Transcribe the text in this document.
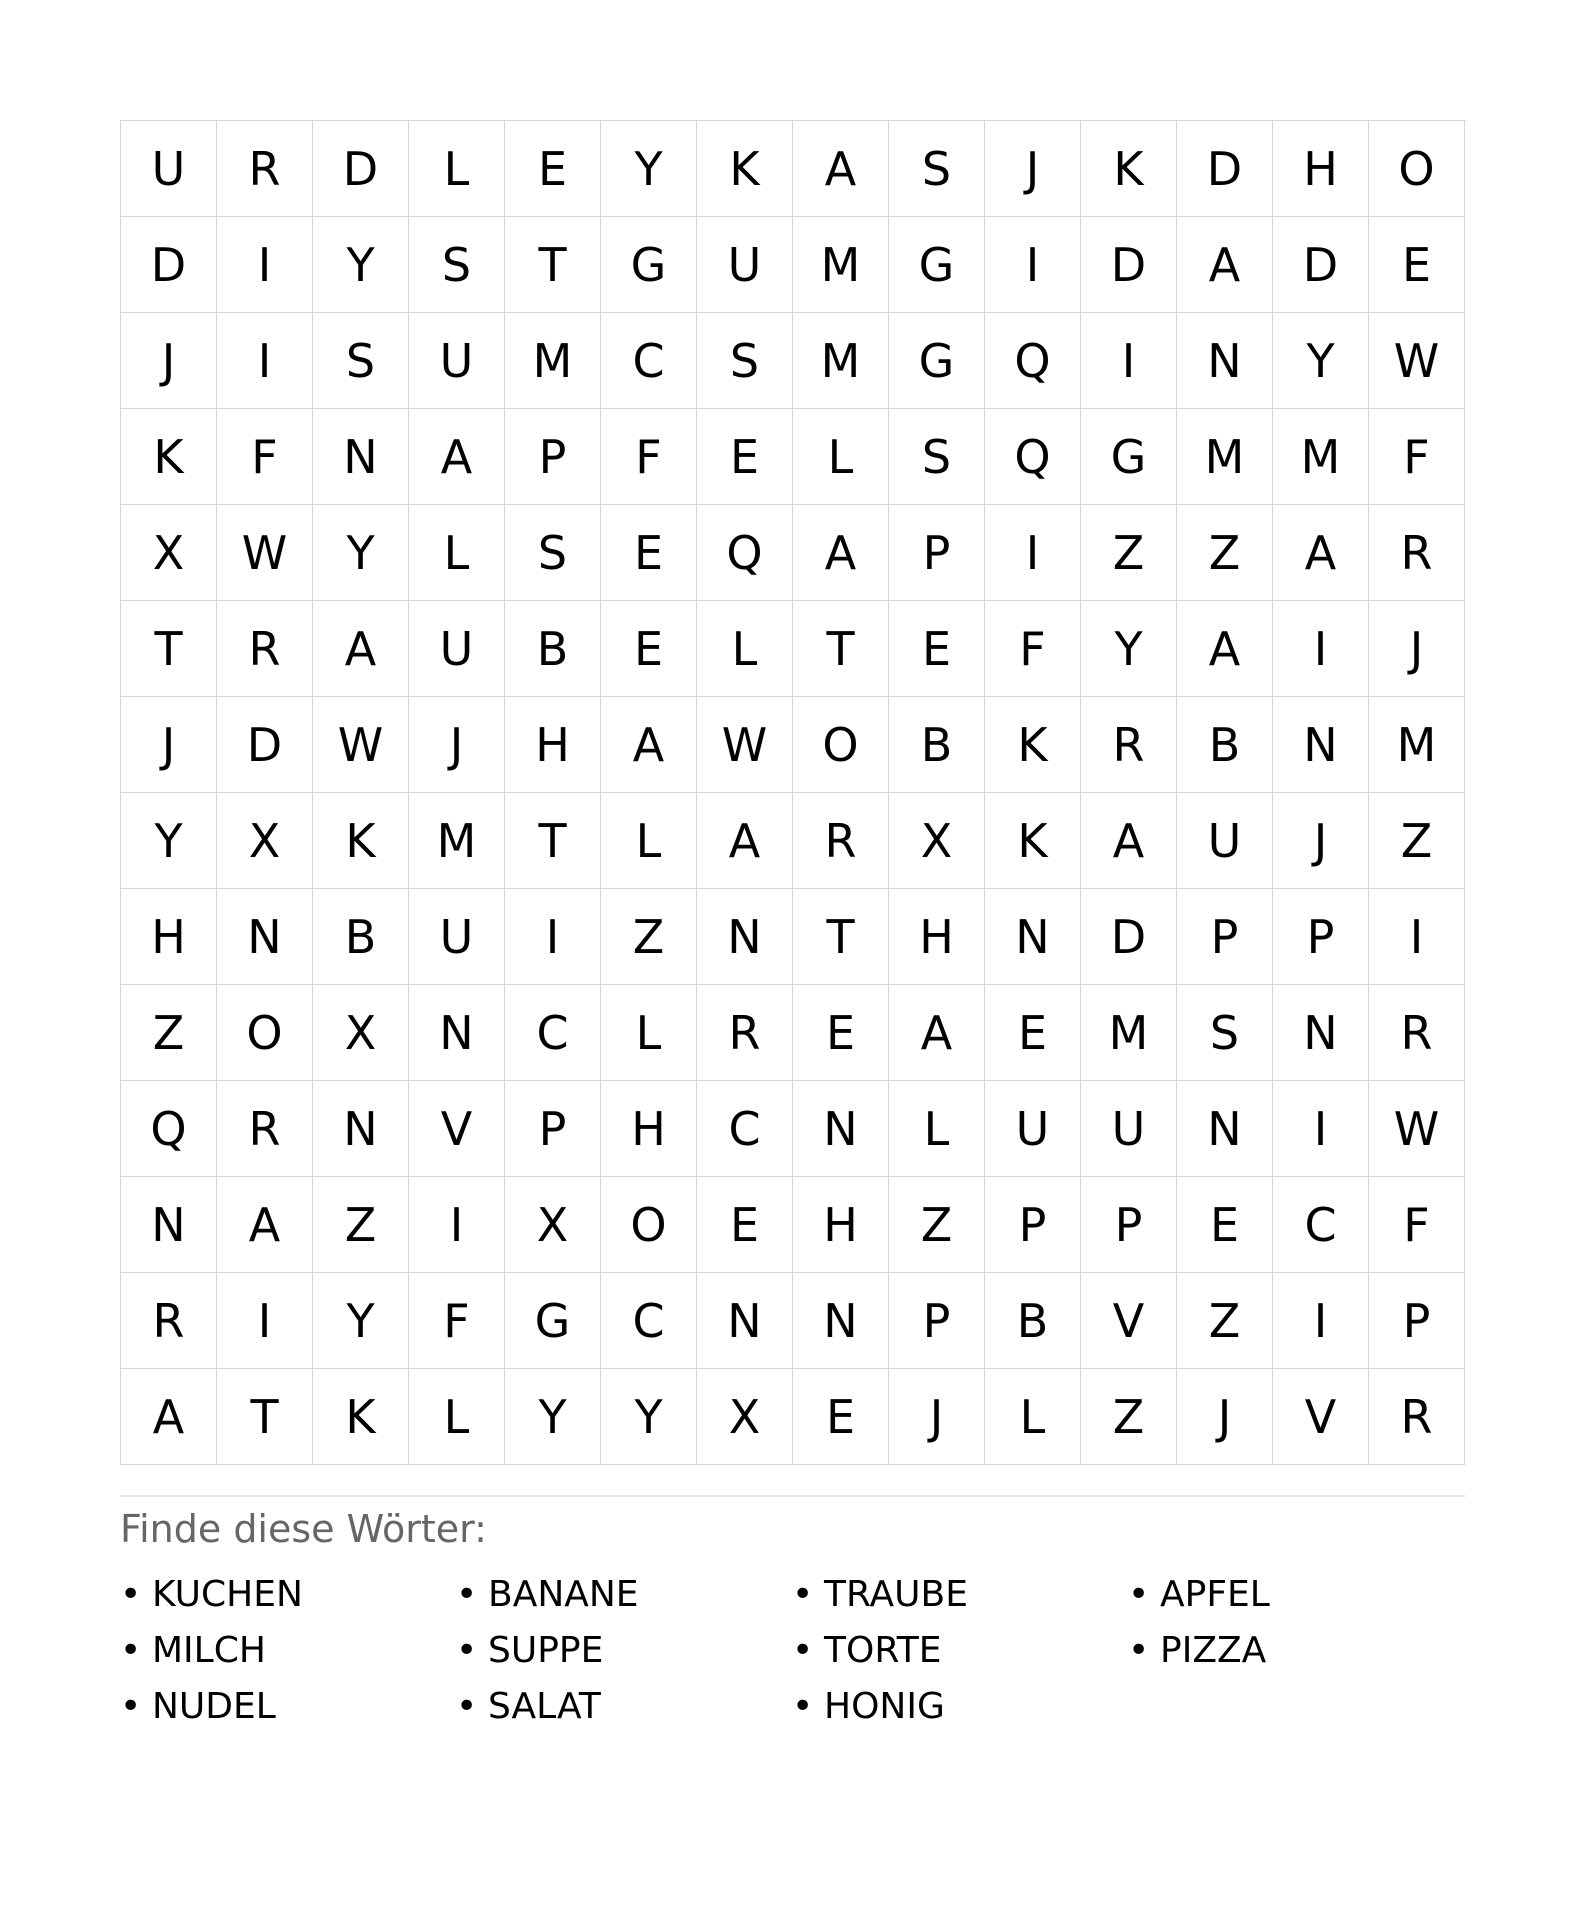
U	R	D	L	E	Y	K	A	S	J	K	D	H	O
D	I	Y	S	T	G	U	M	G	I	D	A	D	E
J	I	S	U	M	C	S	M	G	Q	I	N	Y	W
K	F	N	A	P	F	E	L	S	Q	G	M	M	F
X	W	Y	L	S	E	Q	A	P	I	Z	Z	A	R
T	R	A	U	B	E	L	T	E	F	Y	A	I	J
J	D	W	J	H	A	W	O	B	K	R	B	N	M
Y	X	K	M	T	L	A	R	X	K	A	U	J	Z
H	N	B	U	I	Z	N	T	H	N	D	P	P	I
Z	O	X	N	C	L	R	E	A	E	M	S	N	R
Q	R	N	V	P	H	C	N	L	U	U	N	I	W
N	A	Z	I	X	O	E	H	Z	P	P	E	C	F
R	I	Y	F	G	C	N	N	P	B	V	Z	I	P
A	T	K	L	Y	Y	X	E	J	L	Z	J	V	R
Finde diese Wörter:
• KUCHEN	• BANANE	• TRAUBE	• APFEL
• MILCH	• SUPPE	• TORTE	• PIZZA
• NUDEL	• SALAT	• HONIG
